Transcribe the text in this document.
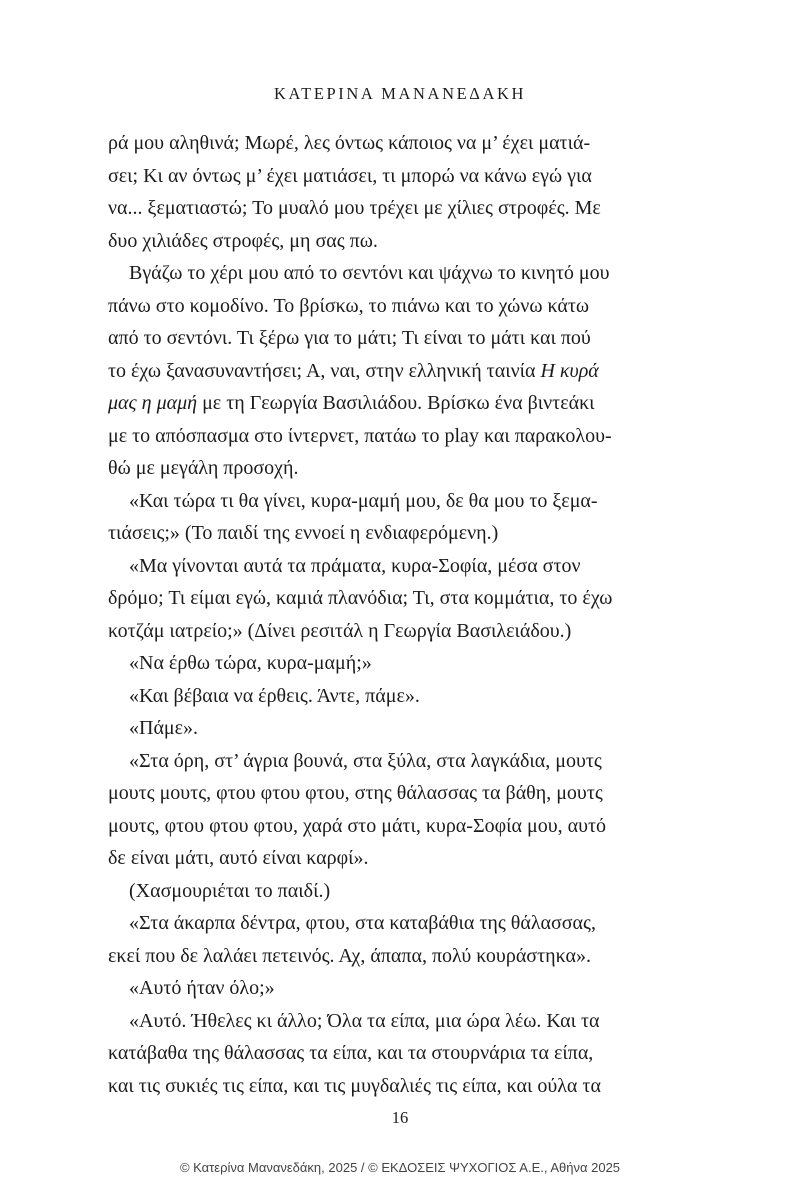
ΚΑΤΕΡΙΝΑ ΜΑΝΑΝΕΔΑΚΗ
ρά μου αληθινά; Μωρέ, λες όντως κάποιος να μ’ έχει ματιά-
σει; Κι αν όντως μ’ έχει ματιάσει, τι μπορώ να κάνω εγώ για
να... ξεματιαστώ; Το μυαλό μου τρέχει με χίλιες στροφές. Με
δυο χιλιάδες στροφές, μη σας πω.
Βγάζω το χέρι μου από το σεντόνι και ψάχνω το κινητό μου
πάνω στο κομοδίνο. Το βρίσκω, το πιάνω και το χώνω κάτω
από το σεντόνι. Τι ξέρω για το μάτι; Τι είναι το μάτι και πού
το έχω ξανασυναντήσει; Α, ναι, στην ελληνική ταινία Η κυρά
μας η μαμή με τη Γεωργία Βασιλιάδου. Βρίσκω ένα βιντεάκι
με το απόσπασμα στο ίντερνετ, πατάω το play και παρακολου-
θώ με μεγάλη προσοχή.
«Και τώρα τι θα γίνει, κυρα-μαμή μου, δε θα μου το ξεμα-
τιάσεις;» (Το παιδί της εννοεί η ενδιαφερόμενη.)
«Μα γίνονται αυτά τα πράματα, κυρα-Σοφία, μέσα στον
δρόμο; Τι είμαι εγώ, καμιά πλανόδια; Τι, στα κομμάτια, το έχω
κοτζάμ ιατρείο;» (Δίνει ρεσιτάλ η Γεωργία Βασιλειάδου.)
«Να έρθω τώρα, κυρα-μαμή;»
«Και βέβαια να έρθεις. Άντε, πάμε».
«Πάμε».
«Στα όρη, στ’ άγρια βουνά, στα ξύλα, στα λαγκάδια, μουτς
μουτς μουτς, φτου φτου φτου, στης θάλασσας τα βάθη, μουτς
μουτς, φτου φτου φτου, χαρά στο μάτι, κυρα-Σοφία μου, αυτό
δε είναι μάτι, αυτό είναι καρφί».
(Χασμουριέται το παιδί.)
«Στα άκαρπα δέντρα, φτου, στα καταβάθια της θάλασσας,
εκεί που δε λαλάει πετεινός. Αχ, άπαπα, πολύ κουράστηκα».
«Αυτό ήταν όλο;»
«Αυτό. Ήθελες κι άλλο; Όλα τα είπα, μια ώρα λέω. Και τα
κατάβαθα της θάλασσας τα είπα, και τα στουρνάρια τα είπα,
και τις συκιές τις είπα, και τις μυγδαλιές τις είπα, και ούλα τα
16
© Κατερίνα Μανανεδάκη, 2025 / © ΕΚΔΟΣΕΙΣ ΨΥΧΟΓΙΟΣ Α.Ε., Αθήνα 2025
